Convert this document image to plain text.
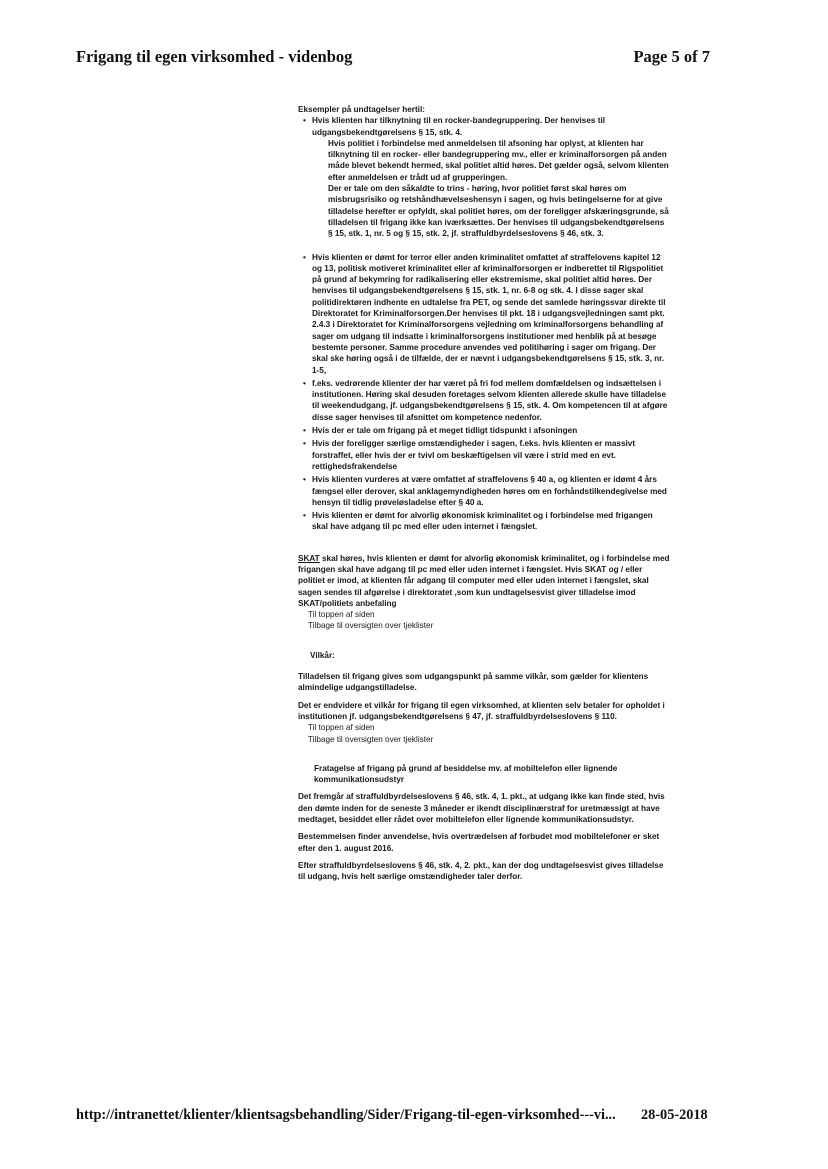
Frigang til egen virksomhed - videnbog	Page 5 of 7

Eksempler på undtagelser hertil:

• Hvis klienten har tilknytning til en rocker-bandegruppering. Der henvises til udgangsbekendtgørelsens § 15, stk. 4.

Hvis politiet i forbindelse med anmeldelsen til afsoning har oplyst, at klienten har tilknytning til en rocker- eller bandegruppering mv., eller er kriminalforsorgen på anden måde blevet bekendt hermed, skal politiet altid høres. Det gælder også, selvom klienten efter anmeldelsen er trådt ud af grupperingen.

Der er tale om den såkaldte to trins - høring, hvor politiet først skal høres om misbrugsrisiko og retshåndhævelseshensyn i sagen, og hvis betingelserne for at give tilladelse herefter er opfyldt, skal politiet høres, om der foreligger afskæringsgrunde, så tilladelsen til frigang ikke kan iværksættes. Der henvises til udgangsbekendtgørelsens § 15, stk. 1, nr. 5 og § 15, stk. 2, jf. straffuldbyrdelseslovens § 46, stk. 3.

• Hvis klienten er dømt for terror eller anden kriminalitet omfattet af straffelovens kapitel 12 og 13, politisk motiveret kriminalitet eller af kriminalforsorgen er indberettet til Rigspolitiet på grund af bekymring for radikalisering eller ekstremisme, skal politiet altid høres. Der henvises til udgangsbekendtgørelsens § 15, stk. 1, nr. 6-8 og stk. 4. I disse sager skal politidirektøren indhente en udtalelse fra PET, og sende det samlede høringssvar direkte til Direktoratet for Kriminalforsorgen.Der henvises til pkt. 18 i udgangsvejledningen samt pkt. 2.4.3 i Direktoratet for Kriminalforsorgens vejledning om kriminalforsorgens behandling af sager om udgang til indsatte i kriminalforsorgens institutioner med henblik på at besøge bestemte personer. Samme procedure anvendes ved politihøring i sager om frigang. Der skal ske høring også i de tilfælde, der er nævnt i udgangsbekendtgørelsens § 15, stk. 3, nr. 1-5,
• f.eks. vedrørende klienter der har været på fri fod mellem domfældelsen og indsættelsen i institutionen. Høring skal desuden foretages selvom klienten allerede skulle have tilladelse til weekendudgang, jf. udgangsbekendtgørelsens § 15, stk. 4. Om kompetencen til at afgøre disse sager henvises til afsnittet om kompetence nedenfor.
• Hvis der er tale om frigang på et meget tidligt tidspunkt i afsoningen
• Hvis der foreligger særlige omstændigheder i sagen, f.eks. hvis klienten er massivt forstraffet, eller hvis der er tvivl om beskæftigelsen vil være i strid med en evt. rettighedsfrakendelse
• Hvis klienten vurderes at være omfattet af straffelovens § 40 a, og klienten er idømt 4 års fængsel eller derover, skal anklagemyndigheden høres om en forhåndstilkendegivelse med hensyn til tidlig prøveløsladelse efter § 40 a.
• Hvis klienten er dømt for alvorlig økonomisk kriminalitet og i forbindelse med frigangen skal have adgang til pc med eller uden internet i fængslet.

SKAT skal høres, hvis klienten er dømt for alvorlig økonomisk kriminalitet, og i forbindelse med frigangen skal have adgang til pc med eller uden internet i fængslet. Hvis SKAT og / eller politiet er imod, at klienten får adgang til computer med eller uden internet i fængslet, skal sagen sendes til afgørelse i direktoratet ,som kun undtagelsesvist giver tilladelse imod SKAT/politiets anbefaling

Til toppen af siden

Tilbage til oversigten over tjeklister

Vilkår:

Tilladelsen til frigang gives som udgangspunkt på samme vilkår, som gælder for klientens almindelige udgangstilladelse.

Det er endvidere et vilkår for frigang til egen virksomhed, at klienten selv betaler for opholdet i institutionen jf. udgangsbekendtgørelsens § 47, jf. straffuldbyrdelseslovens § 110.

Til toppen af siden

Tilbage til oversigten over tjeklister

Fratagelse af frigang på grund af besiddelse mv. af mobiltelefon eller lignende kommunikationsudstyr

Det fremgår af straffuldbyrdelseslovens § 46, stk. 4, 1. pkt., at udgang ikke kan finde sted, hvis den dømte inden for de seneste 3 måneder er ikendt disciplinærstraf for uretmæssigt at have medtaget, besiddet eller rådet over mobiltelefon eller lignende kommunikationsudstyr.

Bestemmelsen finder anvendelse, hvis overtrædelsen af forbudet mod mobiltelefoner er sket efter den 1. august 2016.

Efter straffuldbyrdelseslovens § 46, stk. 4, 2. pkt., kan der dog undtagelsesvist gives tilladelse til udgang, hvis helt særlige omstændigheder taler derfor.

http://intranettet/klienter/klientsagsbehandling/Sider/Frigang-til-egen-virksomhed---vi... 28-05-2018
